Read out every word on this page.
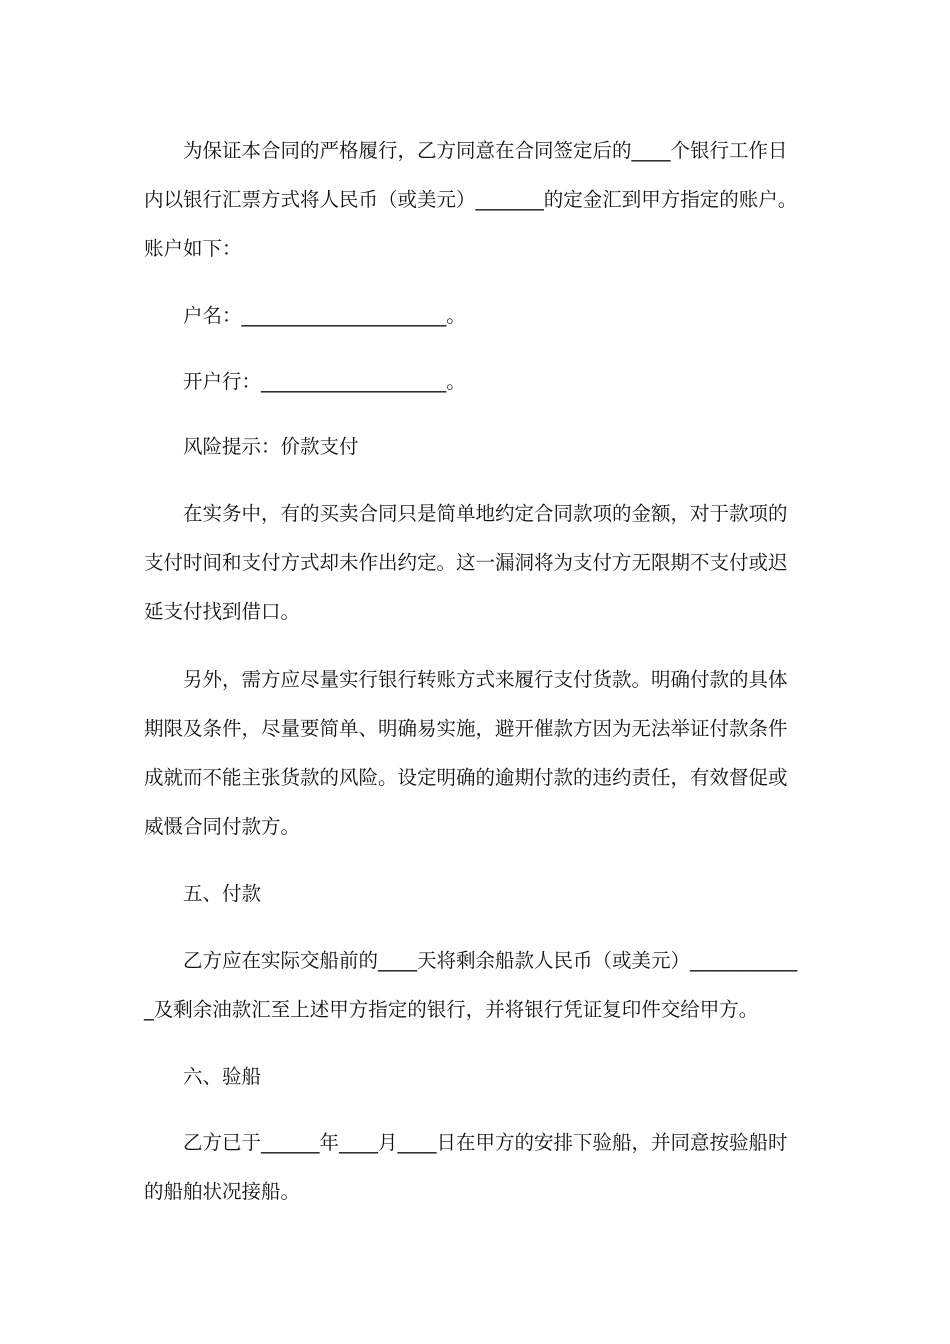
为保证本合同的严格履行，乙方同意在合同签定后的____个银行工作日内以银行汇票方式将人民币（或美元）_______的定金汇到甲方指定的账户。账户如下：

户名：_____________________。

开户行：___________________。

风险提示：价款支付

在实务中，有的买卖合同只是简单地约定合同款项的金额，对于款项的支付时间和支付方式却未作出约定。这一漏洞将为支付方无限期不支付或迟延支付找到借口。

另外，需方应尽量实行银行转账方式来履行支付货款。明确付款的具体期限及条件，尽量要简单、明确易实施，避开催款方因为无法举证付款条件成就而不能主张货款的风险。设定明确的逾期付款的违约责任，有效督促或威慑合同付款方。

五、付款

乙方应在实际交船前的____天将剩余船款人民币（或美元）____________及剩余油款汇至上述甲方指定的银行，并将银行凭证复印件交给甲方。

六、验船

乙方已于______年____月____日在甲方的安排下验船，并同意按验船时的船舶状况接船。
